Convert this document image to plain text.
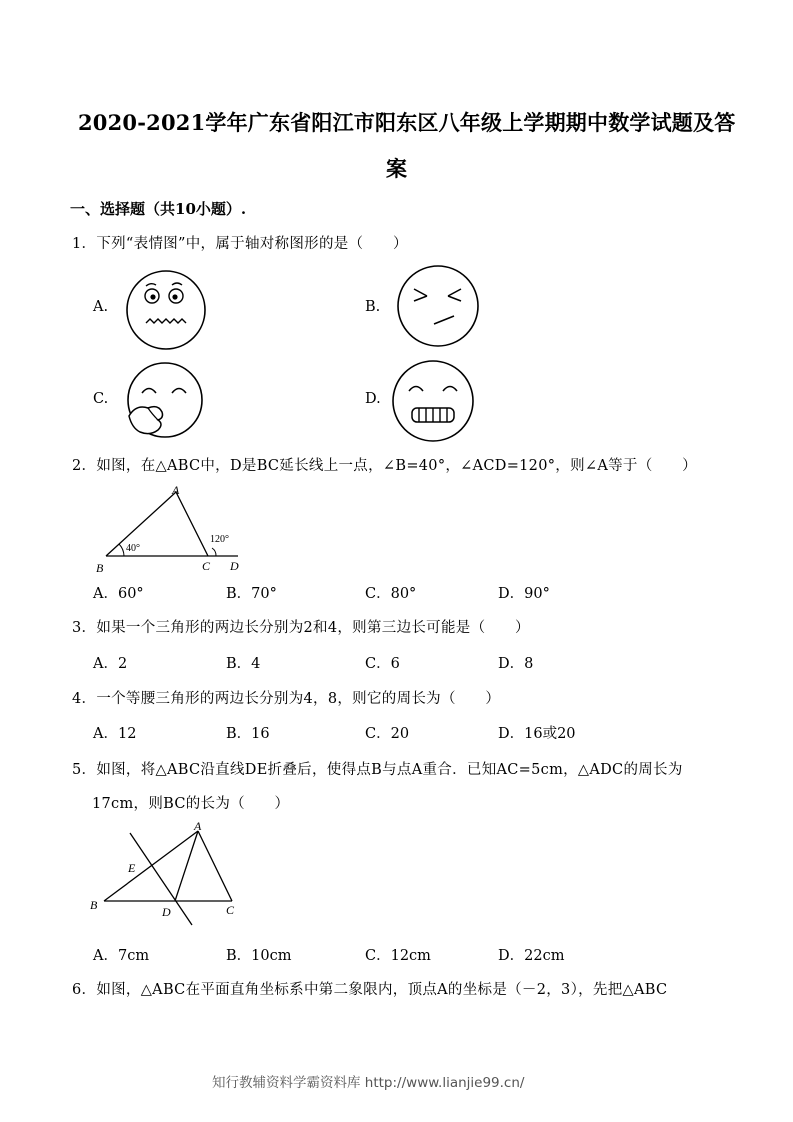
2020-2021学年广东省阳江市阳东区八年级上学期期中数学试题及答
案
一、选择题（共10小题）.
1．下列“表情图”中，属于轴对称图形的是（　　）
A.	B.
C.	D.
2．如图，在△ABC中，D是BC延长线上一点，∠B=40°，∠ACD=120°，则∠A等于（　　）
A
B	C D
40°
120°
A．60°	B．70°	C．80°	D．90°
3．如果一个三角形的两边长分别为2和4，则第三边长可能是（　　）
A．2	B．4	C．6	D．8
4．一个等腰三角形的两边长分别为4，8，则它的周长为（　　）
A．12	B．16	C．20	D．16或20
5．如图，将△ABC沿直线DE折叠后，使得点B与点A重合．已知AC=5cm，△ADC的周长为
17cm，则BC的长为（　　）
A
B	C
D
E
A．7cm	B．10cm	C．12cm	D．22cm
6．如图，△ABC在平面直角坐标系中第二象限内，顶点A的坐标是（－2，3），先把△ABC
知行教辅资料学霸资料库 http://www.lianjie99.cn/
